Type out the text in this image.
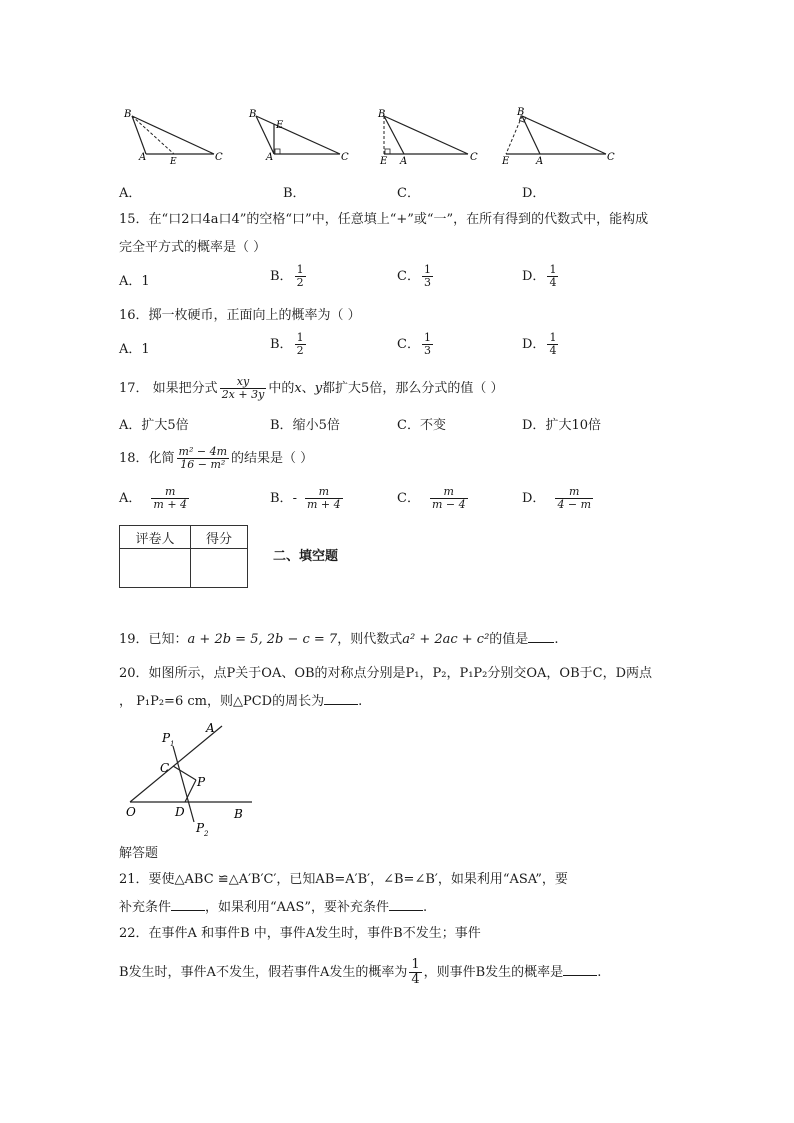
B
A	E	C
B
E
A	C
B
E A	C
B
E	A	C
A．	B．	C．	D．
15．在“口2口4a口4”的空格“口”中，任意填上“+”或“一”，在所有得到的代数式中，能构成
完全平方式的概率是（ ）
A．1	B． $\frac{1}{2}$	C． $\frac{1}{3}$	D． $\frac{1}{4}$
16．掷一枚硬币，正面向上的概率为（ ）
A．1	B． $\frac{1}{2}$	C． $\frac{1}{3}$	D． $\frac{1}{4}$
17． 如果把分式 $\frac{xy}{2x + 3y}$ 中的x、y都扩大5倍，那么分式的值（ ）
A．扩大5倍	B．缩小5倍	C．不变	D．扩大10倍
18．化简 $\frac{\text{m² − 4m}}{\text{16 − m²}}$ 的结果是（ ）
A． $\frac{m}{m + 4}$	B．- $\frac{m}{m + 4}$	C． $\frac{m}{m - 4}$	D． $\frac{m}{4 - m}$
评卷人	得分

二、填空题
19．已知：a + 2b = 5, 2b − c = 7，则代数式a² + 2ac + c²的值是 .
20．如图所示，点P关于OA、OB的对称点分别是P₁，P₂，P₁P₂分别交OA，OB于C，D两点
， P₁P₂=6 cm，则△PCD的周长为	.
P 1
A
C
P
O	D	B
P 2
解答题
21．要使△ABC ≌△A′B′C′，已知AB=A′B′，∠B=∠B′，如果利用“ASA”，要
补充条件	，如果利用“AAS”，要补充条件	.
22．在事件A 和事件B 中，事件A发生时，事件B不发生；事件
B发生时，事件A不发生，假若事件A发生的概率为 $\frac{1}{4}$ ，则事件B发生的概率是	.
